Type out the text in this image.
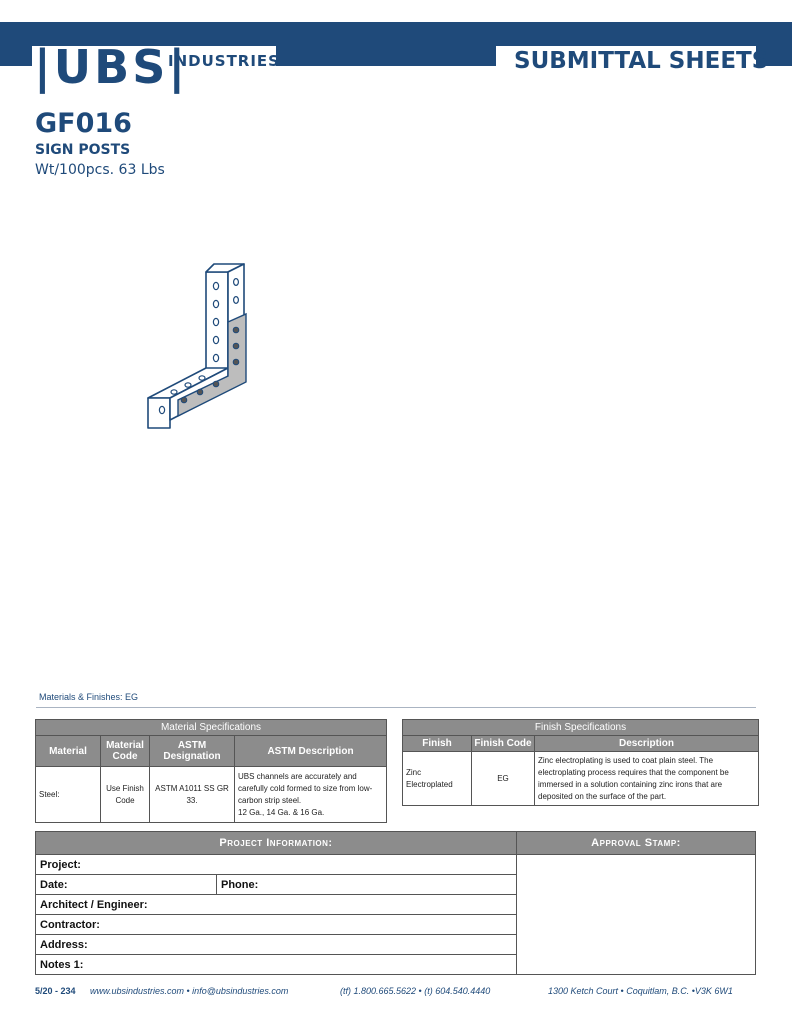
|UBS|
INDUSTRIES	SUBMITTAL SHEETS
GF016
SIGN POSTS
Wt/100pcs. 63 Lbs
Materials & Finishes: EG
Material Specifications			
Material	Material Code	ASTM Designation	ASTM Description
Steel:	Use Finish Code	ASTM A1011 SS GR 33.	UBS channels are accurately and carefully cold formed to size from low-carbon strip steel.
12 Ga., 14 Ga. & 16 Ga.
Finish Specifications		
Finish	Finish Code	Description
Zinc Electroplated	EG	Zinc electroplating is used to coat plain steel. The electroplating process requires that the component be immersed in a solution containing zinc irons that are deposited on the surface of the part.
Project Information:		Approval Stamp:
Project:		
Date:	Phone:	
Architect / Engineer:		
Contractor:		
Address:		
Notes 1:		
5/20 - 234 www.ubsindustries.com • info@ubsindustries.com	(tf) 1.800.665.5622 • (t) 604.540.4440	1300 Ketch Court • Coquitlam, B.C. •V3K 6W1
